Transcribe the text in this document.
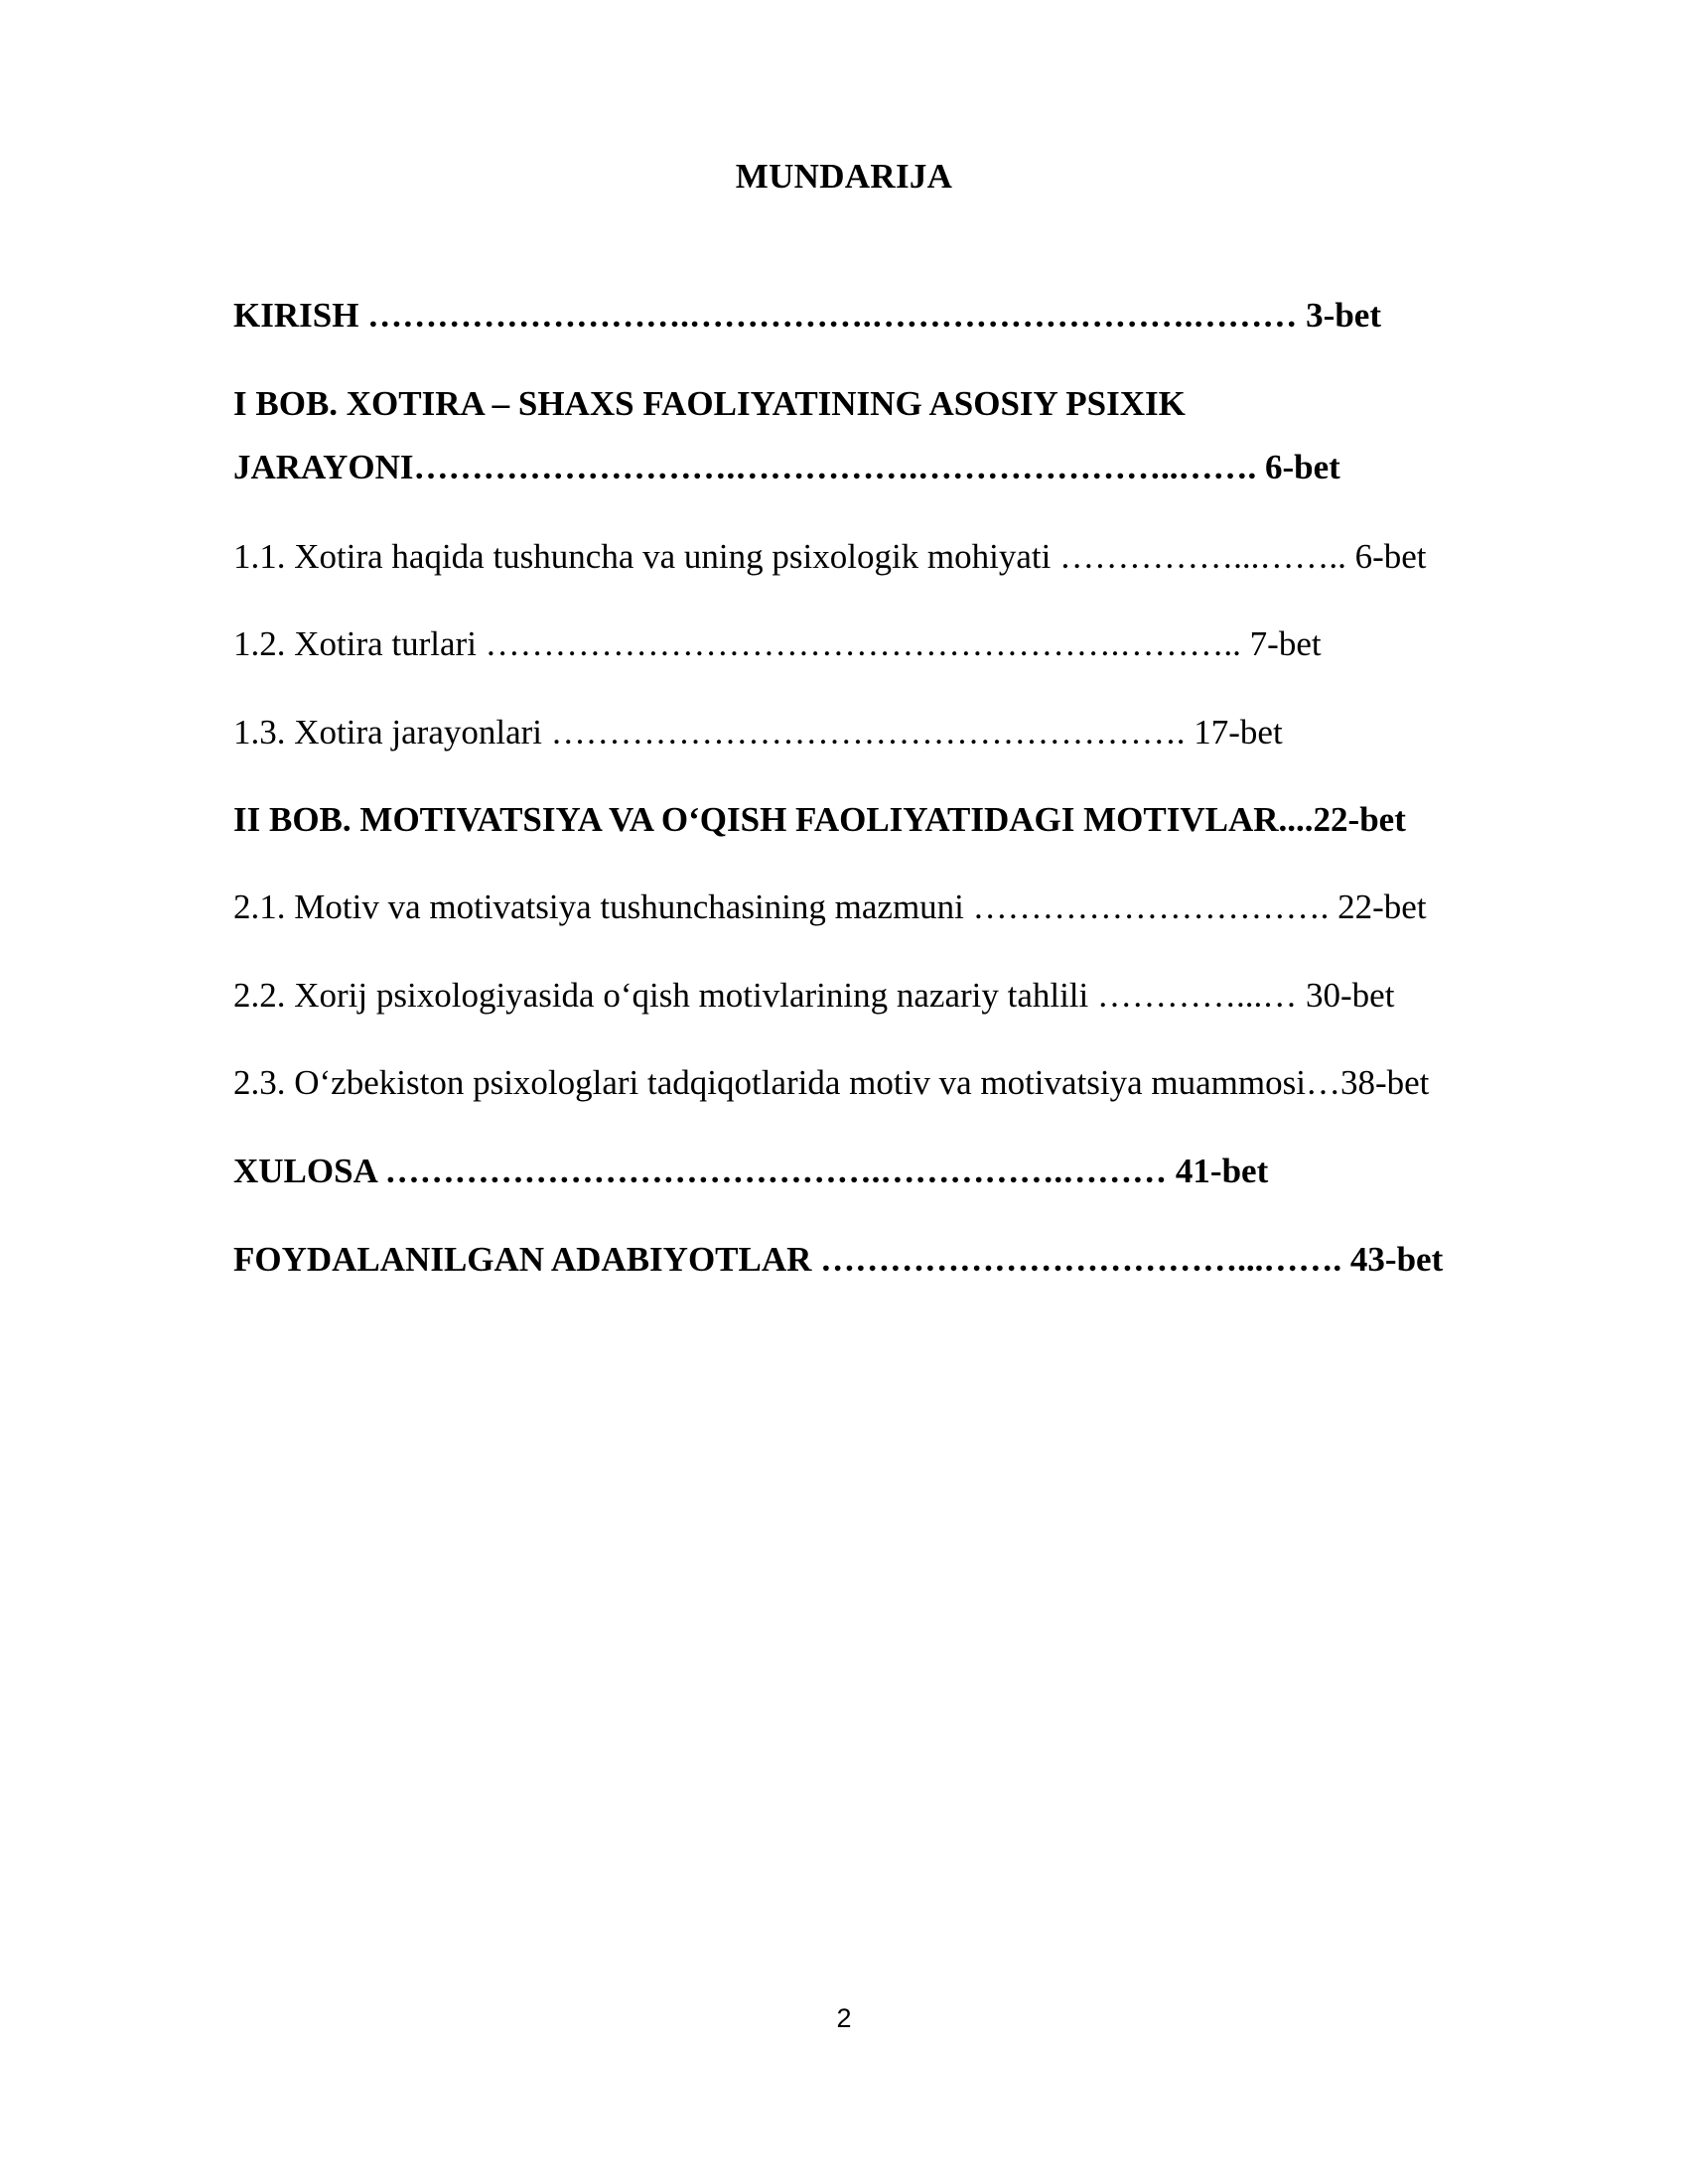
MUNDARIJA
KIRISH ……………………….…………….……………………….……… 3-bet
I BOB. XOTIRA – SHAXS FAOLIYATINING ASOSIY PSIXIK
JARAYONI……………………….…………….…………………..……. 6-bet
1.1. Xotira haqida tushuncha va uning psixologik mohiyati ……………...…….. 6-bet
1.2. Xotira turlari ……………………………………………….……….. 7-bet
1.3. Xotira jarayonlari ………………………………………………. 17-bet
II BOB. MOTIVATSIYA VA O‘QISH FAOLIYATIDAGI MOTIVLAR....22-bet
2.1. Motiv va motivatsiya tushunchasining mazmuni …………………………. 22-bet
2.2. Xorij psixologiyasida o‘qish motivlarining nazariy tahlili …………...… 30-bet
2.3. O‘zbekiston psixologlari tadqiqotlarida motiv va motivatsiya muammosi…38-bet
XULOSA …………………………………….…………….……… 41-bet
FOYDALANILGAN ADABIYOTLAR ………………………………...……. 43-bet
2
